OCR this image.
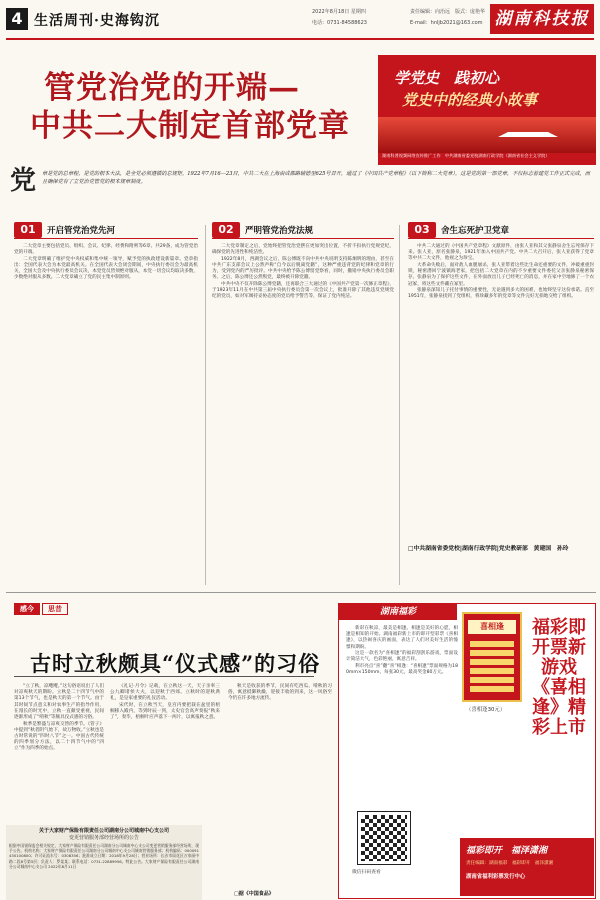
4 生活周刊·史海钩沉
2022年8月18日 星期四
电话：0731-84588623
责任编辑：向治远　版式：庞艳华
E-mail：hnljb2021@163.com 湖南科技报
管党治党的开端—
中共二大制定首部党章
学党史　践初心
党史中的经典小故事
湖南科普视频网络宣传推广工作　中共湖南省委党校湖南行政学院（湖南省社会主义学院）
党 章是党的总章程，是党的根本大法，是全党必须遵循的总规矩。1922年7月16—23日，中共二大在上海南成都路辅德里625号召开，通过了《中国共产党章程》（以下简称二大党章），这是党的第一部党章，不仅标志着建党工作正式完成，而且确保党有了立党治党管党的根本规章制度。
01	开启管党治党先河

二大党章主要包括党员、组织、会议、纪律、经费和附则等6章、共29条，成为管党治党的开端。

二大党章明确了维护党中央权威和集中统一领导，赋予党的执政建设新篇章。党章指出：全国代表大会为本党最高机关。在全国代表大会闭会期间，中央执行委员会为最高机关，全国大会及中央执行委员会议决，本党党员皆须绝对服从，本党一切会议均取决多数，少数绝对服从多数。二大党章确立了党的民主集中制原则。

02	严明管党治党法规

二大党章制定之后，党始终把管党治党摆在更加突出位置，不折不扣执行党规党纪，确保党的先进性和纯洁性。

1922年8月，西湖会议之后，陈公博既不向中共中央说明支持陈炯明的理由，甚至在中共广东支部会议上公然声称“自今以后脱离党籍”，这种严重违背党的纪律和党章的行为，受到党内的严厉批评。中共中央给予陈公博留党察看，同时，撤销中央执行委员会职务。之后，陈公博还公然叛党，最终被开除党籍。

中共中央不仅开除陈公博党籍，还再联合三大通过的《中国共产党第一次修正章程》，于1923年11月在中共第三届中央执行委员会第一次会议上，批准开除了其他违反党规党纪的党员，如对军阀持妥协态度的党员给予警告等，保证了党内纯洁。

03	舍生忘死护卫党章

中共二大通过的《中国共产党章程》文献原件，由张人亚和其父张静泉舍生忘死保存下来。张人亚，原名张静泉，1921年加入中国共产党。中共二大召开后，张人亚获得了党章等中共二大文件，他视之为珍宝。

大革命失败后，面对敌人血腥屠杀，张人亚带着这些比生命还重要的文件，冲破重重封锁，秘密潜回宁波镇海老家，把包括二大党章在内的不少重要文件委托父亲张静泉秘密保存。张静泉为了保护这些文件，在外面放出儿子已经死亡的消息，并在家中空地修了一个衣冠冢，将这些文件藏在冢里。

张静泉深知儿子托付事情的重要性，无论遇到多大的困难，也始终坚守这份承诺。直至1951年，张静泉找到了党组织，将珍藏多年的党章等文件完好无损地交给了组织。

□中共湖南省委党校|湖南行政学院|党史教研部　黄建国　孙玲
感今	思昔
古时立秋颇具“仪式感”的习俗

“立了秋，凉飕飕。”这句俗语说出了人们对凉爽秋天的期盼。立秋是二十四节气中的第13个节气，也是秋天的第一个节气。由于其时间节点意义和对农事生产的指导作用，在漫长的时光中，立秋一直颇受重视，民间逐渐形成了“啃秋”等颇具仪式感的习俗。

秋季是繁盛与凉爽交替的季节。《管子》中提到“秋者阴气始下，故万物收。”立秋也是古时常说的“四时八节”之一。中国古代传统的四季划分方法，以二十四节气中的“四立”作为四季的始点。

《礼记·月令》记载，在立秋这一天，天子亲率三公九卿诸侯大夫，以迎秋于西郊。立秋时的迎秋典礼，是皇家重要的礼仪活动。

宋代时，在立秋当天，皇宫内要把栽在盆里的梧桐移入殿内，等到时辰一到，太史官会高声奏报“秋来了”，奏毕，梧桐叶应声落下一两片，以寓报秋之意。

秋天是收获的季节，民间有吃西瓜、啃秋的习俗，寓意抵御秋燥，迎接丰收的到来，这一风俗至今仍在许多地方流传。

□据《中国食品》
关于大家财产保险有限责任公司湖南分公司城南中心支公司
变更营销服务部经营场所的公告
根据中国银保监会相关规定，大家财产保险有限责任公司湖南分公司城南中心支公司变更营销服务部经营场所，现予公告。机构名称：大家财产保险有限责任公司湖南分公司城南中心支公司城南营销服务部；机构编码：000091430100800；许可证流水号：0308356；批准成立日期：2018年9月28日；营业场所：长沙市雨花区万家丽中路二段8号第5层；负责人：罗某某；联系电话：0731-22889956。特此公告。大家财产保险有限责任公司湖南分公司城南中心支公司 2022年8月11日
湖南福彩
喜相逢
（喜相逢30元）
福彩即开票新游戏《喜相逢》精彩上市

新彩在秋凉，最美是相逢。相逢是美好的心愿，相逢是相知的开始。湖南福彩新上市的即开型彩票《喜相逢》，以热闹喜庆的画面，表达了人们对美好生活的憧憬和期盼。

这是一款名为“喜相逢”的福彩刮刮乐游戏，票面设计简洁大气，色彩艳丽，寓意吉祥。

利市亮点“喜”翻“喜”相逢：“喜相逢”票面规格为180mm×150mm，每张30元，最高奖金80万元。

微信扫码查看
福彩即开　福泽潇湘
责任编辑：湖南福彩　福彩即开　福泽潇湘
湖南省福利彩票发行中心
